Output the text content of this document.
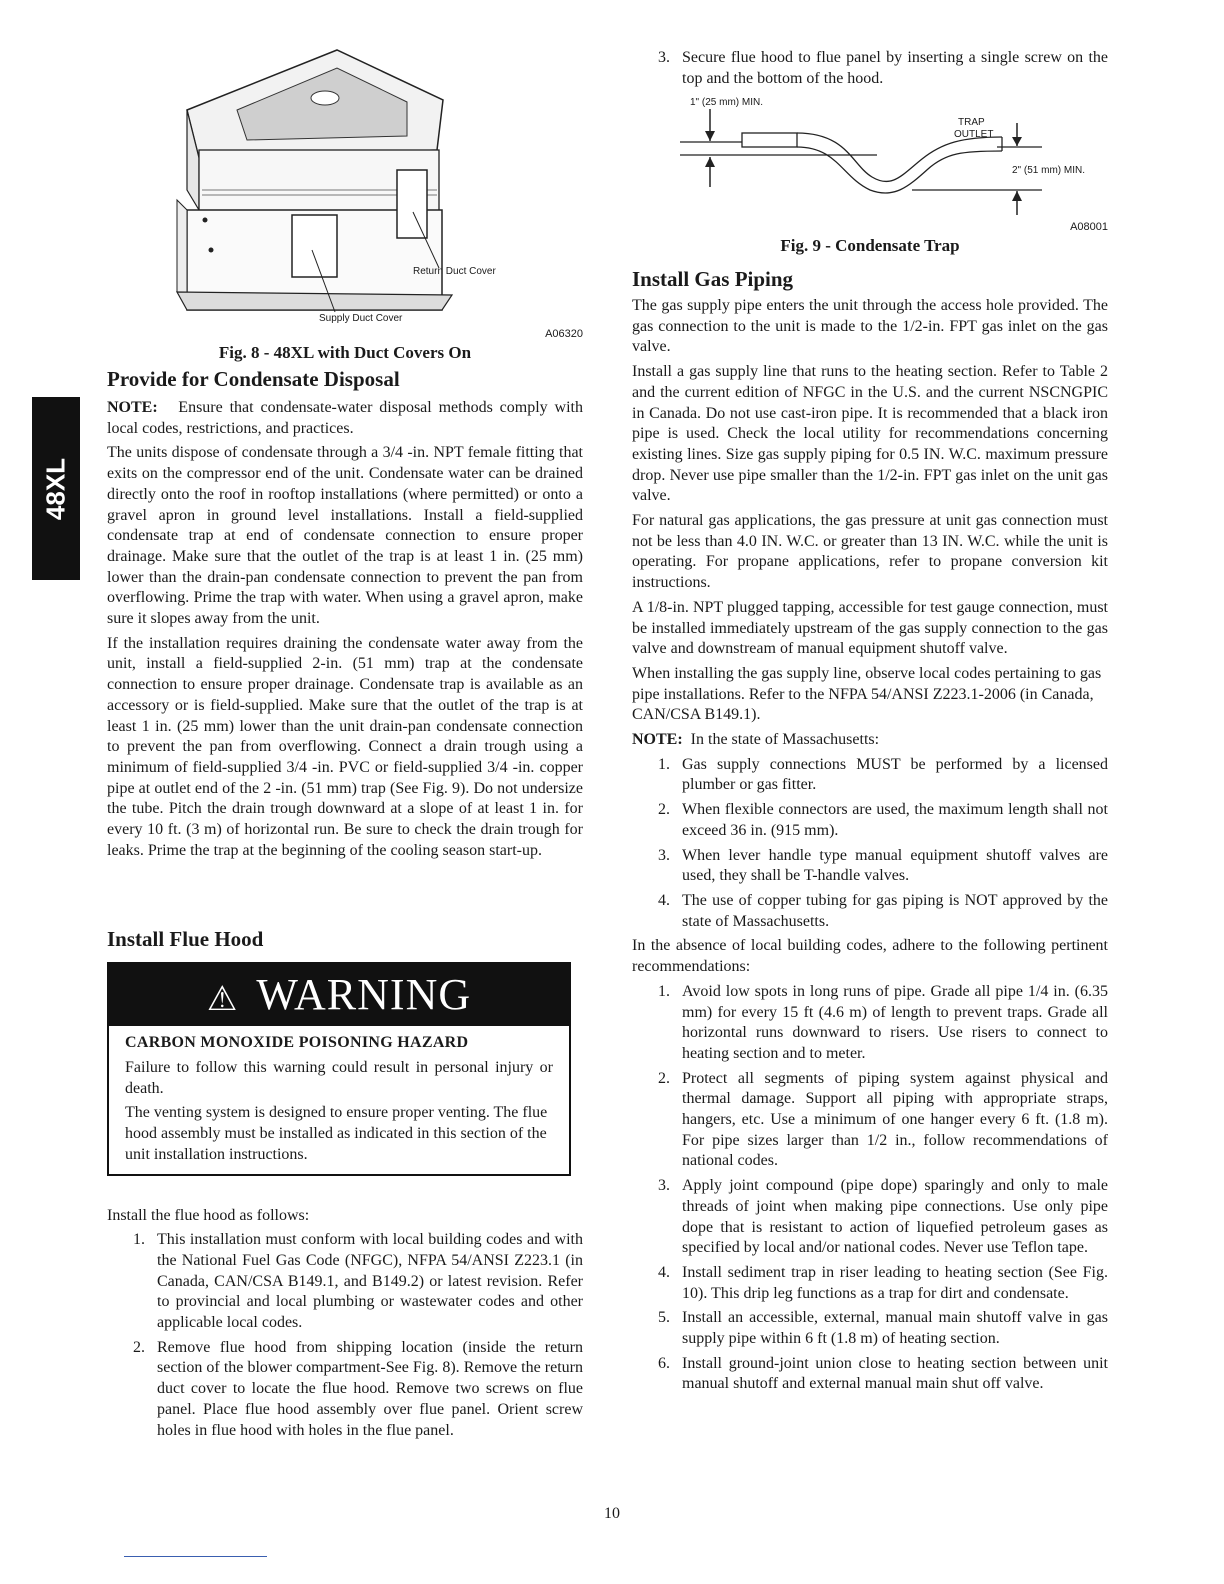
48XL
Supply Duct Cover
Return Duct Cover
A06320
Fig. 8 - 48XL with Duct Covers On
Provide for Condensate Disposal

NOTE: Ensure that condensate-water disposal methods comply with local codes, restrictions, and practices.

The units dispose of condensate through a 3/4 -in. NPT female fitting that exits on the compressor end of the unit. Condensate water can be drained directly onto the roof in rooftop installations (where permitted) or onto a gravel apron in ground level installations. Install a field-supplied condensate trap at end of condensate connection to ensure proper drainage. Make sure that the outlet of the trap is at least 1 in. (25 mm) lower than the drain-pan condensate connection to prevent the pan from overflowing. Prime the trap with water. When using a gravel apron, make sure it slopes away from the unit.

If the installation requires draining the condensate water away from the unit, install a field-supplied 2-in. (51 mm) trap at the condensate connection to ensure proper drainage. Condensate trap is available as an accessory or is field-supplied. Make sure that the outlet of the trap is at least 1 in. (25 mm) lower than the unit drain-pan condensate connection to prevent the pan from overflowing. Connect a drain trough using a minimum of field-supplied 3/4 -in. PVC or field-supplied 3/4 -in. copper pipe at outlet end of the 2 -in. (51 mm) trap (See Fig. 9). Do not undersize the tube. Pitch the drain trough downward at a slope of at least 1 in. for every 10 ft. (3 m) of horizontal run. Be sure to check the drain trough for leaks. Prime the trap at the beginning of the cooling season start-up.

Install Flue Hood
⚠ WARNING
CARBON MONOXIDE POISONING HAZARD

Failure to follow this warning could result in personal injury or death.

The venting system is designed to ensure proper venting. The flue hood assembly must be installed as indicated in this section of the unit installation instructions.

Install the flue hood as follows:

1. This installation must conform with local building codes and with the National Fuel Gas Code (NFGC), NFPA 54/ANSI Z223.1 (in Canada, CAN/CSA B149.1, and B149.2) or latest revision. Refer to provincial and local plumbing or wastewater codes and other applicable local codes.

2. Remove flue hood from shipping location (inside the return section of the blower compartment-See Fig. 8). Remove the return duct cover to locate the flue hood. Remove two screws on flue panel. Place flue hood assembly over flue panel. Orient screw holes in flue hood with holes in the flue panel.

3. Secure flue hood to flue panel by inserting a single screw on the top and the bottom of the hood.

1" (25 mm) MIN.
TRAP
OUTLET
2" (51 mm) MIN.
A08001
Fig. 9 - Condensate Trap
Install Gas Piping

The gas supply pipe enters the unit through the access hole provided. The gas connection to the unit is made to the 1/2-in. FPT gas inlet on the gas valve.

Install a gas supply line that runs to the heating section. Refer to Table 2 and the current edition of NFGC in the U.S. and the current NSCNGPIC in Canada. Do not use cast-iron pipe. It is recommended that a black iron pipe is used. Check the local utility for recommendations concerning existing lines. Size gas supply piping for 0.5 IN. W.C. maximum pressure drop. Never use pipe smaller than the 1/2-in. FPT gas inlet on the unit gas valve.

For natural gas applications, the gas pressure at unit gas connection must not be less than 4.0 IN. W.C. or greater than 13 IN. W.C. while the unit is operating. For propane applications, refer to propane conversion kit instructions.

A 1/8-in. NPT plugged tapping, accessible for test gauge connection, must be installed immediately upstream of the gas supply connection to the gas valve and downstream of manual equipment shutoff valve.

When installing the gas supply line, observe local codes pertaining to gas pipe installations. Refer to the NFPA 54/ANSI Z223.1-2006 (in Canada, CAN/CSA B149.1).

NOTE: In the state of Massachusetts:

1. Gas supply connections MUST be performed by a licensed plumber or gas fitter.

2. When flexible connectors are used, the maximum length shall not exceed 36 in. (915 mm).

3. When lever handle type manual equipment shutoff valves are used, they shall be T-handle valves.

4. The use of copper tubing for gas piping is NOT approved by the state of Massachusetts.

In the absence of local building codes, adhere to the following pertinent recommendations:

1. Avoid low spots in long runs of pipe. Grade all pipe 1/4 in. (6.35 mm) for every 15 ft (4.6 m) of length to prevent traps. Grade all horizontal runs downward to risers. Use risers to connect to heating section and to meter.

2. Protect all segments of piping system against physical and thermal damage. Support all piping with appropriate straps, hangers, etc. Use a minimum of one hanger every 6 ft. (1.8 m). For pipe sizes larger than 1/2 in., follow recommendations of national codes.

3. Apply joint compound (pipe dope) sparingly and only to male threads of joint when making pipe connections. Use only pipe dope that is resistant to action of liquefied petroleum gases as specified by local and/or national codes. Never use Teflon tape.

4. Install sediment trap in riser leading to heating section (See Fig. 10). This drip leg functions as a trap for dirt and condensate.

5. Install an accessible, external, manual main shutoff valve in gas supply pipe within 6 ft (1.8 m) of heating section.

6. Install ground-joint union close to heating section between unit manual shutoff and external manual main shut off valve.

10
